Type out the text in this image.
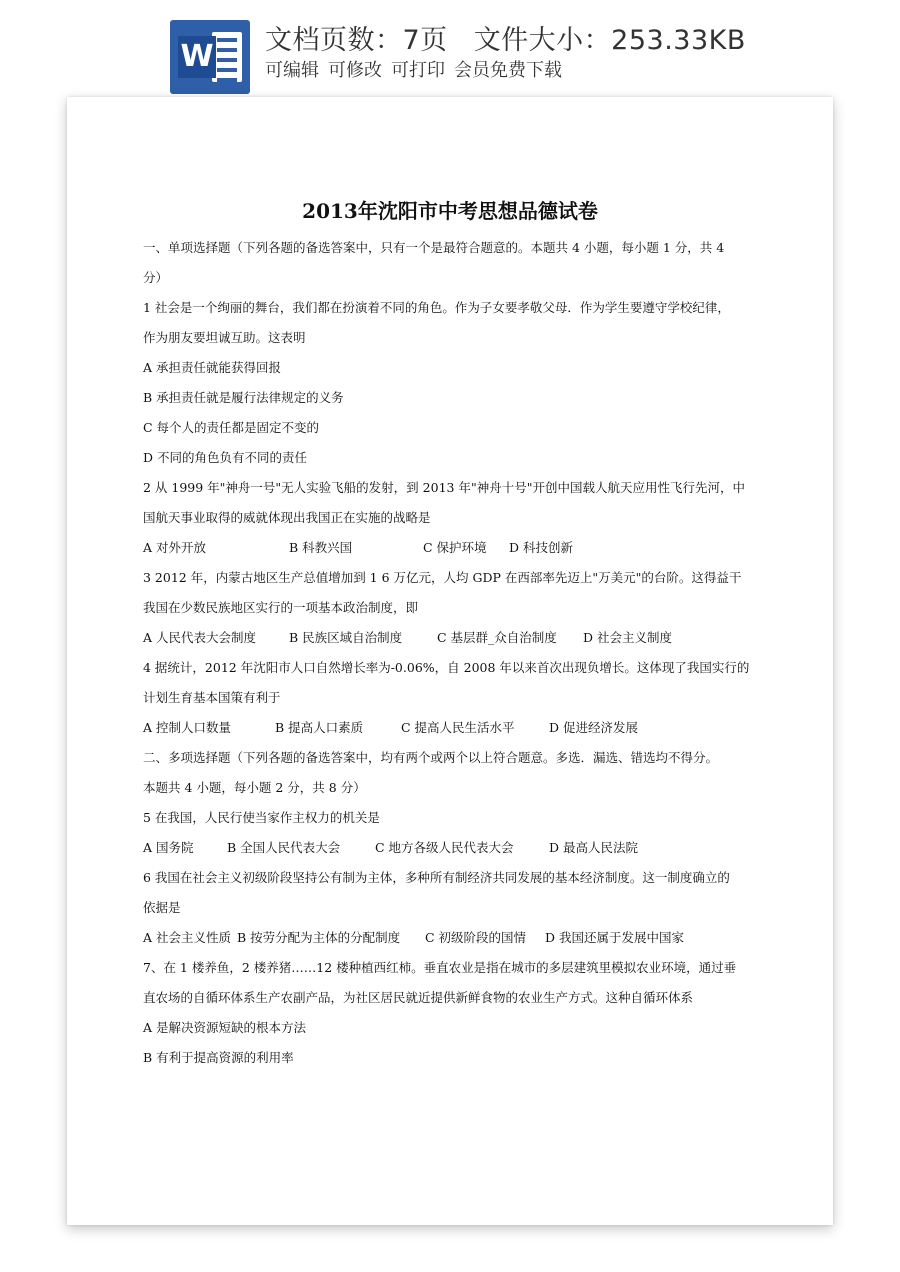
W 文档页数：7页 文件大小：253.33KB
可编辑 可修改 可打印 会员免费下载
2013年沈阳市中考思想品德试卷

一、单项选择题（下列各题的备选答案中，只有一个是最符合题意的。本题共 4 小题，每小题 1 分，共 4

分）

1 社会是一个绚丽的舞台，我们都在扮演着不同的角色。作为子女要孝敬父母．作为学生要遵守学校纪律，

作为朋友要坦诚互助。这表明

A 承担责任就能获得回报

B 承担责任就是履行法律规定的义务

C 每个人的责任都是固定不变的

D 不同的角色负有不同的责任

2 从 1999 年"神舟一号"无人实验飞船的发射，到 2013 年"神舟十号"开创中国载人航天应用性飞行先河，中

国航天事业取得的威就体现出我国正在实施的战略是

A 对外开放	B 科教兴国	C 保护环境 D 科技创新

3 2012 年，内蒙古地区生产总值增加到 1 6 万亿元，人均 GDP 在西部率先迈上"万美元"的台阶。这得益干

我国在少数民族地区实行的一项基本政治制度，即

A 人民代表大会制度	B 民族区域自治制度	C 基层群_众自治制度 D 社会主义制度

4 据统计，2012 年沈阳市人口自然增长率为-0.06%，自 2008 年以来首次出现负增长。这体现了我国实行的

计划生育基本国策有利于

A 控制人口数量	B 提高人口素质	C 提高人民生活水平	D 促进经济发展

二、多项选择题（下列各题的备选答案中，均有两个或两个以上符合题意。多选．漏选、错选均不得分。

本题共 4 小题，每小题 2 分，共 8 分）

5 在我国，人民行使当家作主权力的机关是

A 国务院	B 全国人民代表大会	C 地方各级人民代表大会	D 最高人民法院

6 我国在社会主义初级阶段坚持公有制为主体，多种所有制经济共同发展的基本经济制度。这一制度确立的

依据是

A 社会主义性质 B 按劳分配为主体的分配制度 C 初级阶段的国情 D 我国还属于发展中国家

7、在 1 楼养鱼，2 楼养猪……12 楼种植西红柿。垂直农业是指在城市的多层建筑里模拟农业环境，通过垂

直农场的自循环体系生产农副产品，为社区居民就近提供新鲜食物的农业生产方式。这种自循环体系

A 是解决资源短缺的根本方法

B 有利于提高资源的利用率
